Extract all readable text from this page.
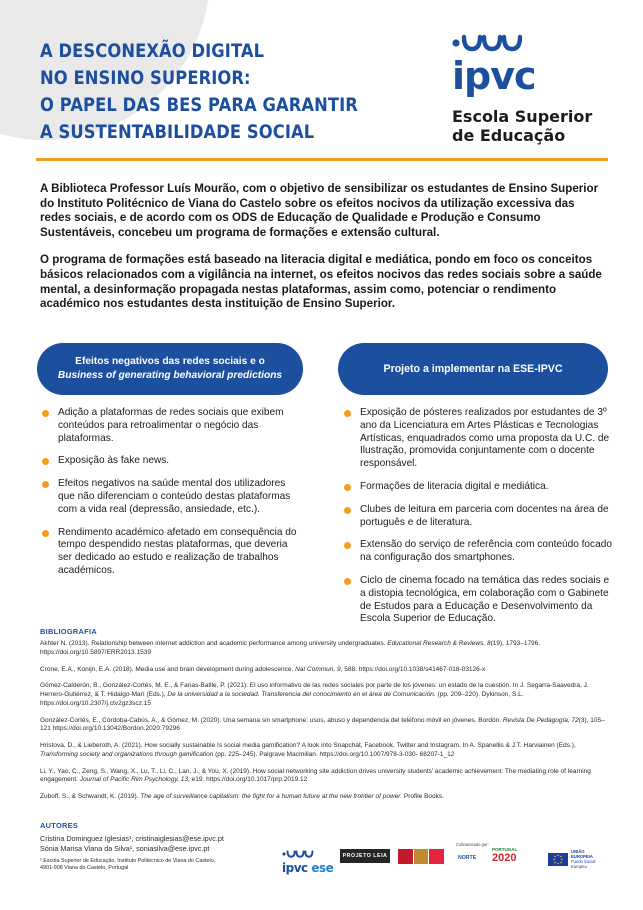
A DESCONEXÃO DIGITAL
NO ENSINO SUPERIOR:
O PAPEL DAS BES PARA GARANTIR
A SUSTENTABILIDADE SOCIAL
ipvc
Escola Superior
de Educação

A Biblioteca Professor Luís Mourão, com o objetivo de sensibilizar os estudantes de Ensino Superior do Instituto Politécnico de Viana do Castelo sobre os efeitos nocivos da utilização excessiva das redes sociais, e de acordo com os ODS de Educação de Qualidade e Produção e Consumo Sustentáveis, concebeu um programa de formações e extensão cultural.

O programa de formações está baseado na literacia digital e mediática, pondo em foco os conceitos básicos relacionados com a vigilância na internet, os efeitos nocivos das redes sociais sobre a saúde mental, a desinformação propagada nestas plataformas, assim como, potenciar o rendimento académico nos estudantes desta instituição de Ensino Superior.

Efeitos negativos das redes sociais e o
Business of generating behavioral predictions
Projeto a implementar na ESE-IPVC
Adição a plataformas de redes sociais que exibem conteúdos para retroalimentar o negócio das plataformas.
Exposição às fake news.
Efeitos negativos na saúde mental dos utilizadores que não diferenciam o conteúdo destas plataformas com a vida real (depressão, ansiedade, etc.).
Rendimento académico afetado em consequência do tempo despendido nestas plataformas, que deveria ser dedicado ao estudo e realização de trabalhos académicos.
Exposição de pósteres realizados por estudantes de 3º ano da Licenciatura em Artes Plásticas e Tecnologias Artísticas, enquadrados como uma proposta da U.C. de Ilustração, promovida conjuntamente com o docente responsável.
Formações de literacia digital e mediática.
Clubes de leitura em parceria com docentes na área de português e de literatura.
Extensão do serviço de referência com conteúdo focado na configuração dos smartphones.
Ciclo de cinema focado na temática das redes sociais e a distopia tecnológica, em colaboração com o Gabinete de Estudos para a Educação e Desenvolvimento da Escola Superior de Educação.
BIBLIOGRAFIA
Akhter N. (2013). Relationship between internet addiction and academic performance among university undergraduates. Educational Research & Reviews, 8(19), 1793–1796. https://doi.org/10.5897/ERR2013.1539
Crone, E.A., Konijn, E.A. (2018). Media use and brain development during adolescence. Nat Commun, 9, 588. https://doi.org/10.1038/s41467-018-03126-x
Gómez-Calderón, B., González-Cortés, M. E., & Farias-Batlle, P. (2021). El uso informativo de las redes sociales por parte de los jóvenes: un estado de la cuestión. In J. Segarra-Saavedra, J. Herrero-Gutiérrez, & T. Hidalgo-Marí (Eds.), De la universidad a la sociedad. Transferencia del conocimiento en el área de Comunicación. (pp. 209–220). Dykinson, S.L. https://doi.org/10.2307/j.ctv2gz3scz.15
González-Cortés, E., Córdoba-Cabús, A., & Gómez, M. (2020). Una semana sin smartphone: usos, abuso y dependencia del teléfono móvil en jóvenes. Bordón. Revista De Pedagogía, 72(3), 105–121 https://doi.org/10.13042/Bordon.2020.79296
Hristova, D., & Lieberoth, A. (2021). How socially sustainable Is social media gamification? A look into Snapchat, Facebook, Twitter and Instagram. In A. Spanellis & J.T. Harviainen (Eds.), Transforming society and organizations through gamification (pp. 225–245). Palgrave Macmillan. https://doi.org/10.1007/978-3-030- 68207-1_12
Li, Y., Yao, C., Zeng, S., Wang, X., Lu, T., Li, C., Lan, J., & You, X. (2019). How social networking site addiction drives university students' academic achievement: The mediating role of learning engagement. Journal of Pacific Rim Psychology, 13, e19. https://doi.org/10.1017/prp.2019.12
Zuboff, S., & Schwandt, K. (2019). The age of surveillance capitalism: the fight for a human future at the new frontier of power. Profile Books.
AUTORES
Cristina Dominguez Iglesias¹, cristinaiglesias@ese.ipvc.pt
Sónia Marisa Viana da Silva¹, soniasilva@ese.ipvc.pt
¹ Escola Superior de Educação, Instituto Politécnico de Viana do Castelo,
4901-908 Viana do Castelo, Portugal	ipvc ese
PROJETO LEIA
Cofinanciado por:
NORTE
PORTUGAL
2020
UNIÃO EUROPEIA
Fundo Social Europeu
